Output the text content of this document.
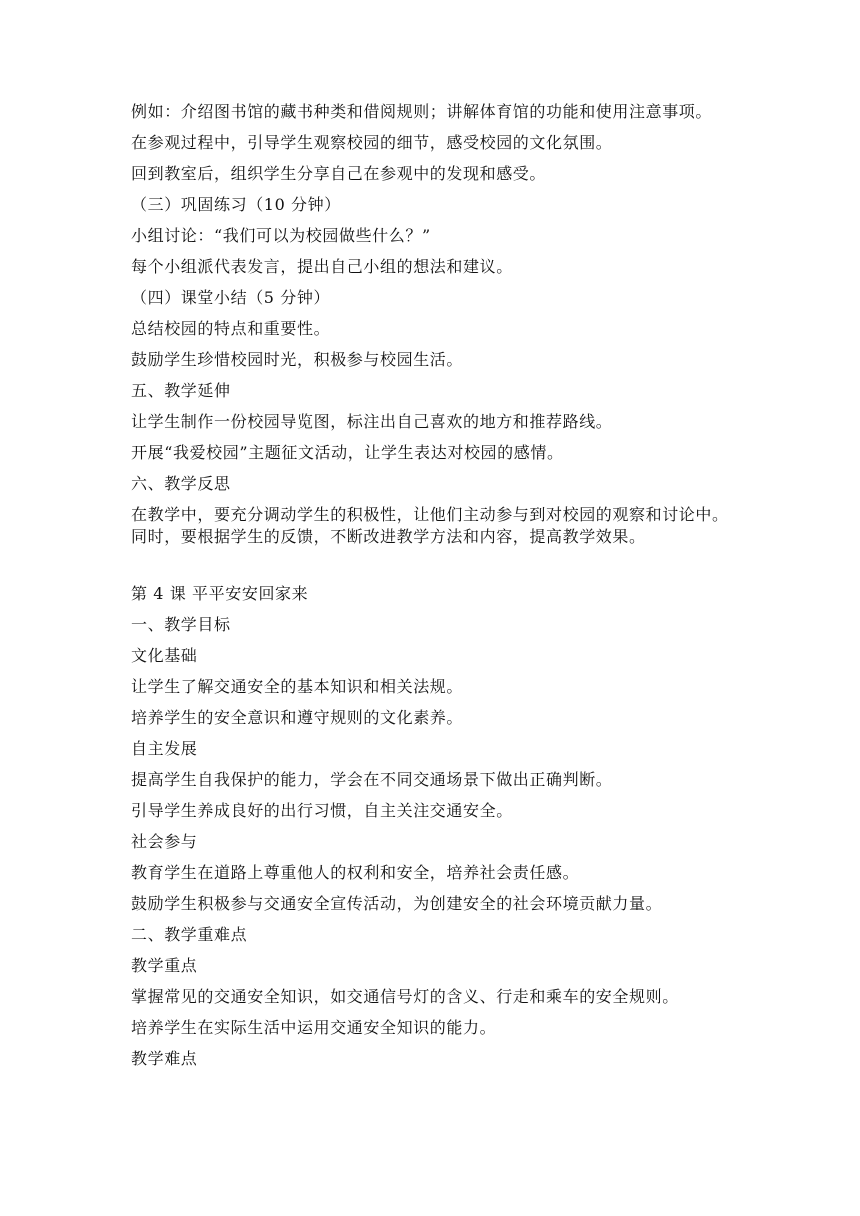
例如：介绍图书馆的藏书种类和借阅规则；讲解体育馆的功能和使用注意事项。

在参观过程中，引导学生观察校园的细节，感受校园的文化氛围。

回到教室后，组织学生分享自己在参观中的发现和感受。

（三）巩固练习（10 分钟）

小组讨论：“我们可以为校园做些什么？”

每个小组派代表发言，提出自己小组的想法和建议。

（四）课堂小结（5 分钟）

总结校园的特点和重要性。

鼓励学生珍惜校园时光，积极参与校园生活。

五、教学延伸

让学生制作一份校园导览图，标注出自己喜欢的地方和推荐路线。

开展“我爱校园”主题征文活动，让学生表达对校园的感情。

六、教学反思

在教学中，要充分调动学生的积极性，让他们主动参与到对校园的观察和讨论中。同时，要根据学生的反馈，不断改进教学方法和内容，提高教学效果。

第 4 课 平平安安回家来

一、教学目标

文化基础

让学生了解交通安全的基本知识和相关法规。

培养学生的安全意识和遵守规则的文化素养。

自主发展

提高学生自我保护的能力，学会在不同交通场景下做出正确判断。

引导学生养成良好的出行习惯，自主关注交通安全。

社会参与

教育学生在道路上尊重他人的权利和安全，培养社会责任感。

鼓励学生积极参与交通安全宣传活动，为创建安全的社会环境贡献力量。

二、教学重难点

教学重点

掌握常见的交通安全知识，如交通信号灯的含义、行走和乘车的安全规则。

培养学生在实际生活中运用交通安全知识的能力。

教学难点
